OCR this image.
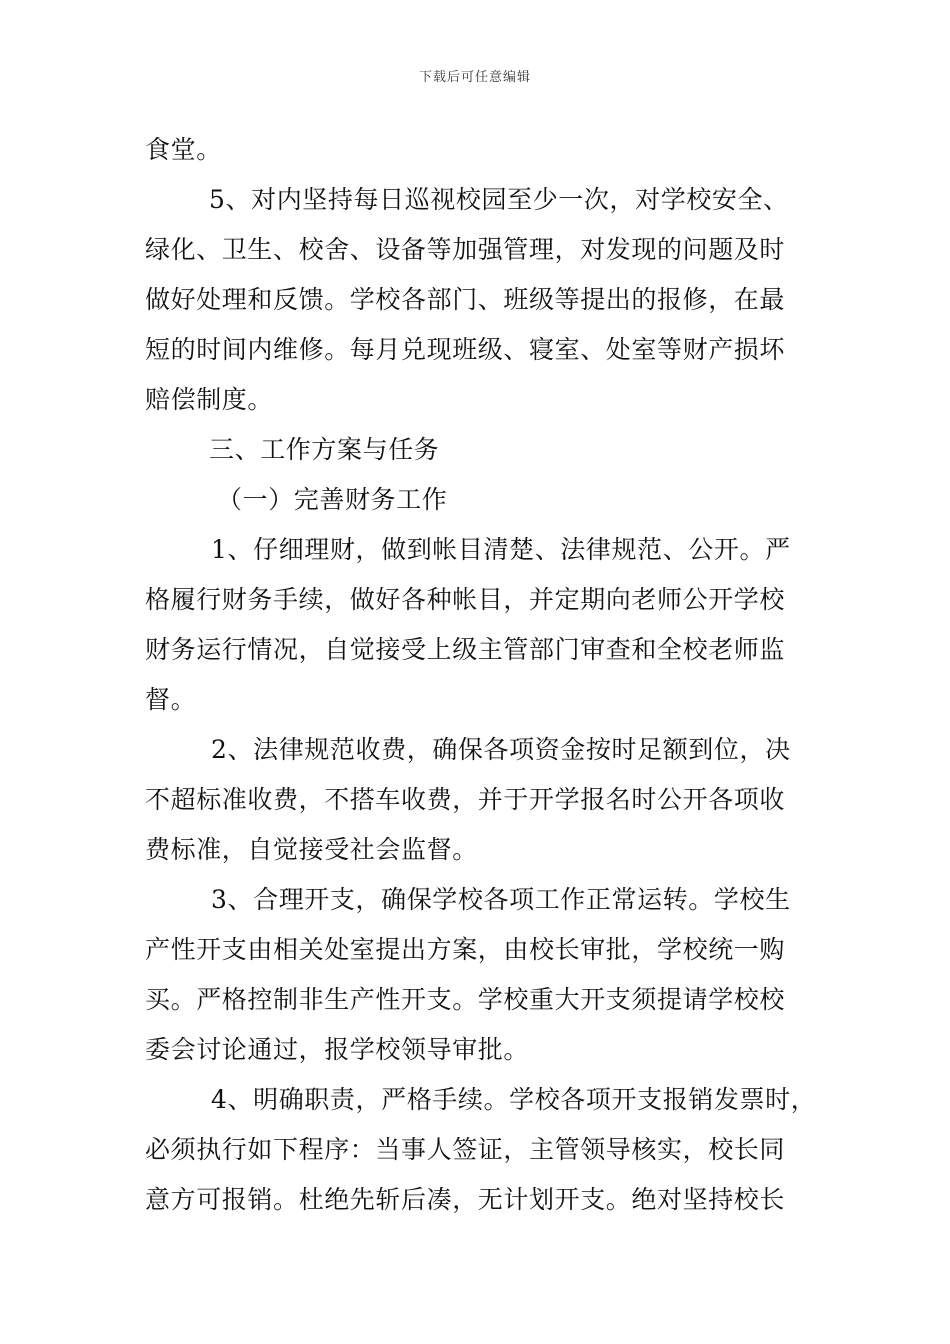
下载后可任意编辑
食堂。
5、对内坚持每日巡视校园至少一次，对学校安全、
绿化、卫生、校舍、设备等加强管理，对发现的问题及时
做好处理和反馈。学校各部门、班级等提出的报修，在最
短的时间内维修。每月兑现班级、寝室、处室等财产损坏
赔偿制度。
三、工作方案与任务
（一）完善财务工作
1、仔细理财，做到帐目清楚、法律规范、公开。严
格履行财务手续，做好各种帐目，并定期向老师公开学校
财务运行情况，自觉接受上级主管部门审查和全校老师监
督。
2、法律规范收费，确保各项资金按时足额到位，决
不超标准收费，不搭车收费，并于开学报名时公开各项收
费标准，自觉接受社会监督。
3、合理开支，确保学校各项工作正常运转。学校生
产性开支由相关处室提出方案，由校长审批，学校统一购
买。严格控制非生产性开支。学校重大开支须提请学校校
委会讨论通过，报学校领导审批。
4、明确职责，严格手续。学校各项开支报销发票时，
必须执行如下程序：当事人签证，主管领导核实，校长同
意方可报销。杜绝先斩后凑，无计划开支。绝对坚持校长
